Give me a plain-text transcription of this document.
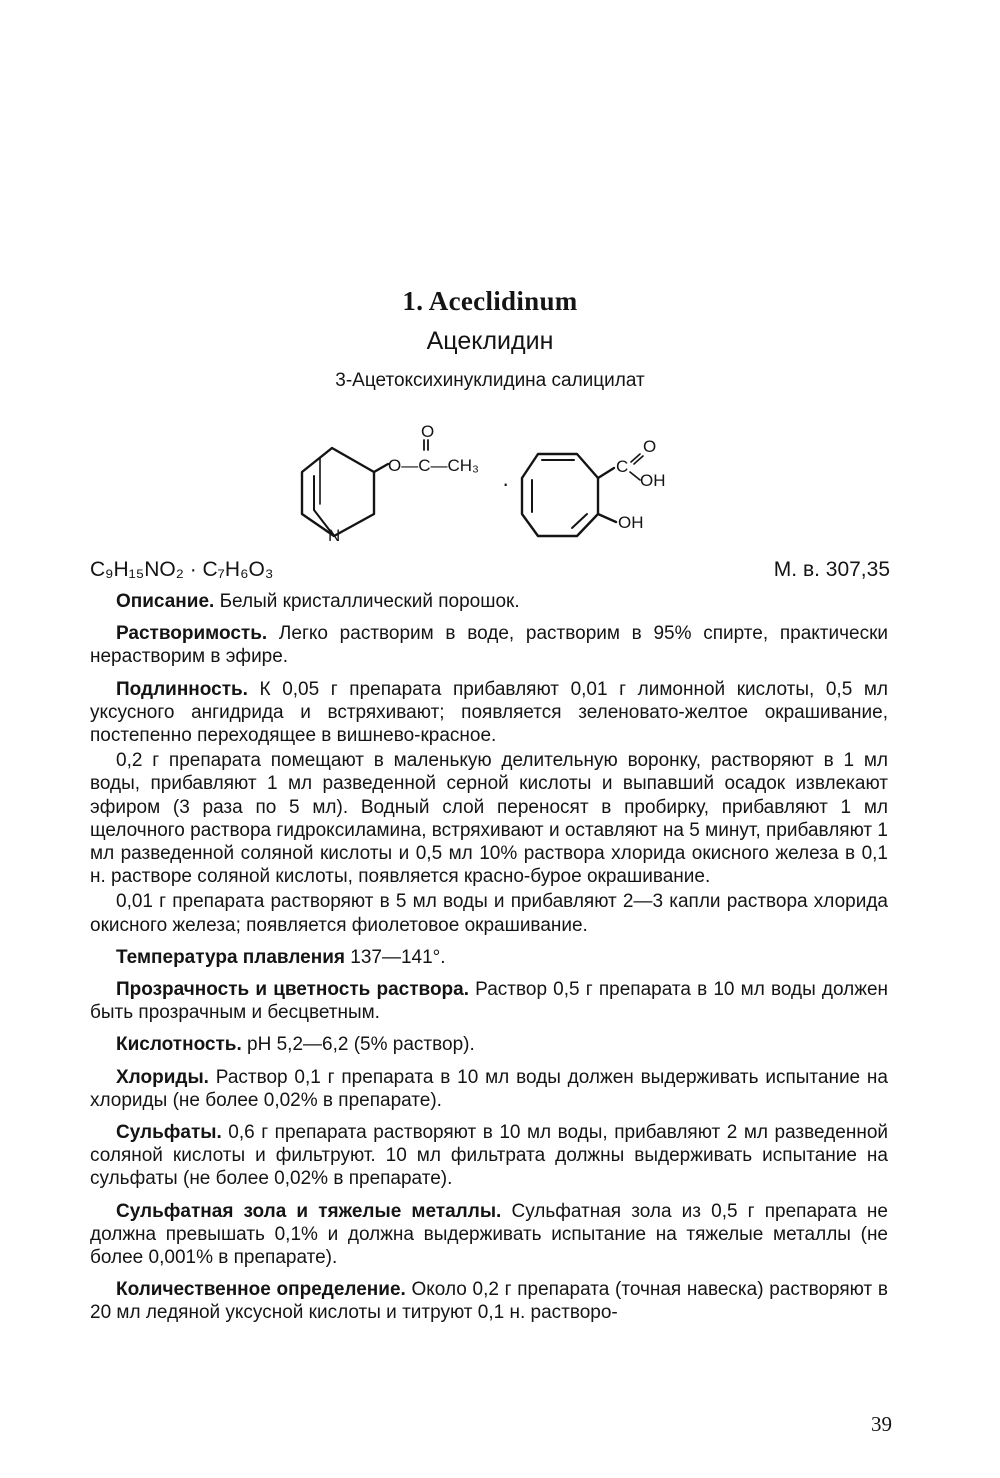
1. Aceclidinum
Ацеклидин
3-Ацетоксихинуклидина салицилат
O
O—C—CH₃
·
N
C
O
OH
OH
C₉H₁₅NO₂ · C₇H₆O₃	М. в. 307,35

Описание. Белый кристаллический порошок.

Растворимость. Легко растворим в воде, растворим в 95% спирте, практически нерастворим в эфире.

Подлинность. К 0,05 г препарата прибавляют 0,01 г лимонной кислоты, 0,5 мл уксусного ангидрида и встряхивают; появляется зеленовато-желтое окрашивание, постепенно переходящее в вишнево-красное.

0,2 г препарата помещают в маленькую делительную воронку, растворяют в 1 мл воды, прибавляют 1 мл разведенной серной кислоты и выпавший осадок извлекают эфиром (3 раза по 5 мл). Водный слой переносят в пробирку, прибавляют 1 мл щелочного раствора гидроксиламина, встряхивают и оставляют на 5 минут, прибавляют 1 мл разведенной соляной кислоты и 0,5 мл 10% раствора хлорида окисного железа в 0,1 н. растворе соляной кислоты, появляется красно-бурое окрашивание.

0,01 г препарата растворяют в 5 мл воды и прибавляют 2—3 капли раствора хлорида окисного железа; появляется фиолетовое окрашивание.

Температура плавления 137—141°.

Прозрачность и цветность раствора. Раствор 0,5 г препарата в 10 мл воды должен быть прозрачным и бесцветным.

Кислотность. pH 5,2—6,2 (5% раствор).

Хлориды. Раствор 0,1 г препарата в 10 мл воды должен выдерживать испытание на хлориды (не более 0,02% в препарате).

Сульфаты. 0,6 г препарата растворяют в 10 мл воды, прибавляют 2 мл разведенной соляной кислоты и фильтруют. 10 мл фильтрата должны выдерживать испытание на сульфаты (не более 0,02% в препарате).

Сульфатная зола и тяжелые металлы. Сульфатная зола из 0,5 г препарата не должна превышать 0,1% и должна выдерживать испытание на тяжелые металлы (не более 0,001% в препарате).

Количественное определение. Около 0,2 г препарата (точная навеска) растворяют в 20 мл ледяной уксусной кислоты и титруют 0,1 н. растворо-

39
